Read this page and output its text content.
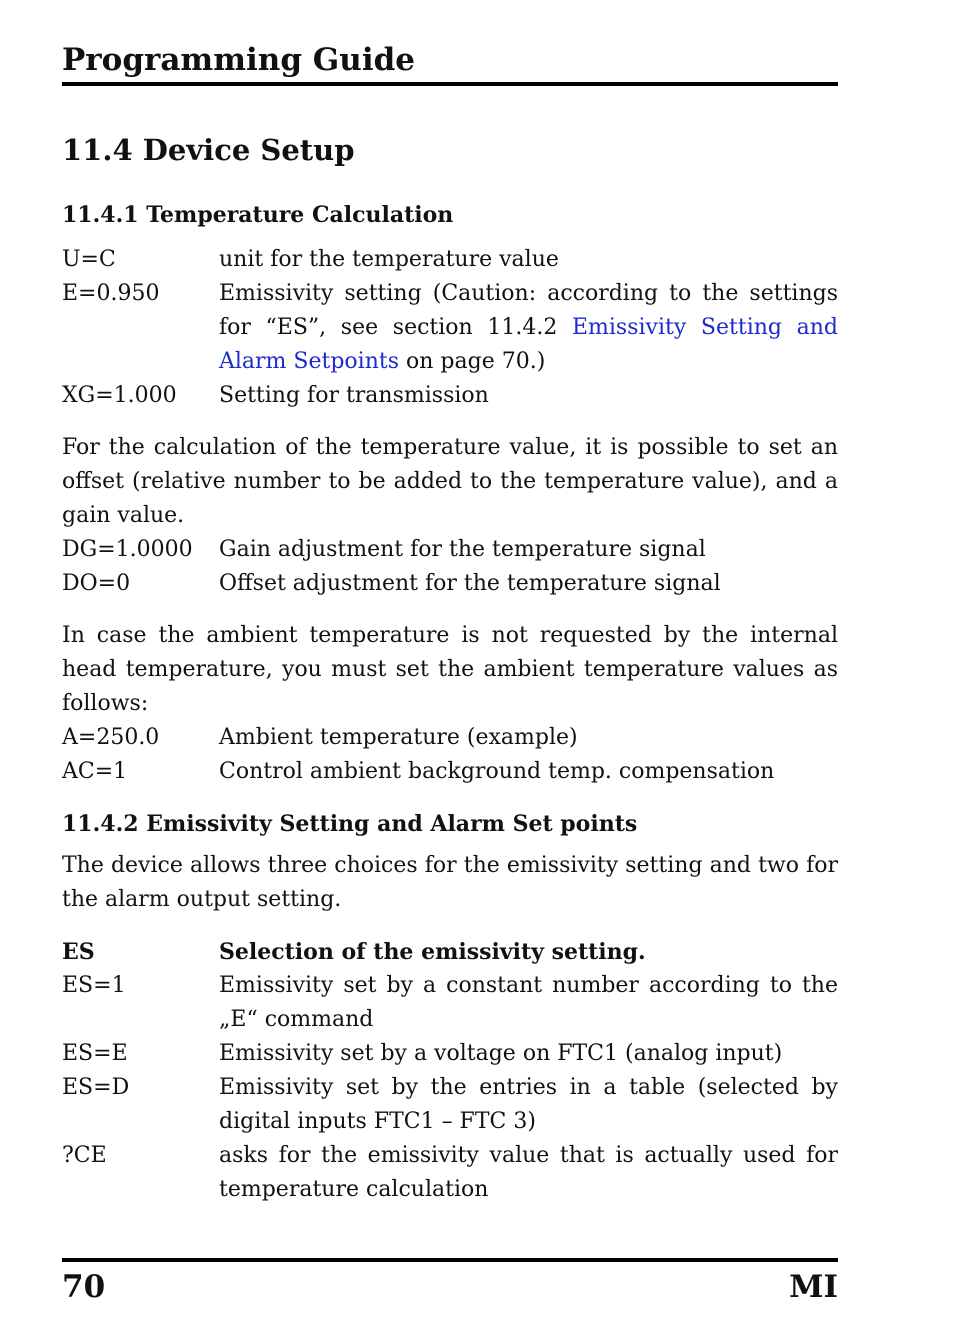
Programming Guide
11.4 Device Setup
11.4.1 Temperature Calculation
U=C	unit for the temperature value
E=0.950	Emissivity setting (Caution: according to the settings for “ES”, see section 11.4.2 Emissivity Setting and Alarm Setpoints on page 70.)
XG=1.000	Setting for transmission

For the calculation of the temperature value, it is possible to set an offset (relative number to be added to the temperature value), and a gain value.

DG=1.0000	Gain adjustment for the temperature signal
DO=0	Offset adjustment for the temperature signal

In case the ambient temperature is not requested by the internal head temperature, you must set the ambient temperature values as follows:

A=250.0	Ambient temperature (example)
AC=1	Control ambient background temp. compensation
11.4.2 Emissivity Setting and Alarm Set points

The device allows three choices for the emissivity setting and two for the alarm output setting.

ES	Selection of the emissivity setting.
ES=1	Emissivity set by a constant number according to the „E“ command
ES=E	Emissivity set by a voltage on FTC1 (analog input)
ES=D	Emissivity set by the entries in a table (selected by digital inputs FTC1 – FTC 3)
?CE	asks for the emissivity value that is actually used for temperature calculation
70	MI
